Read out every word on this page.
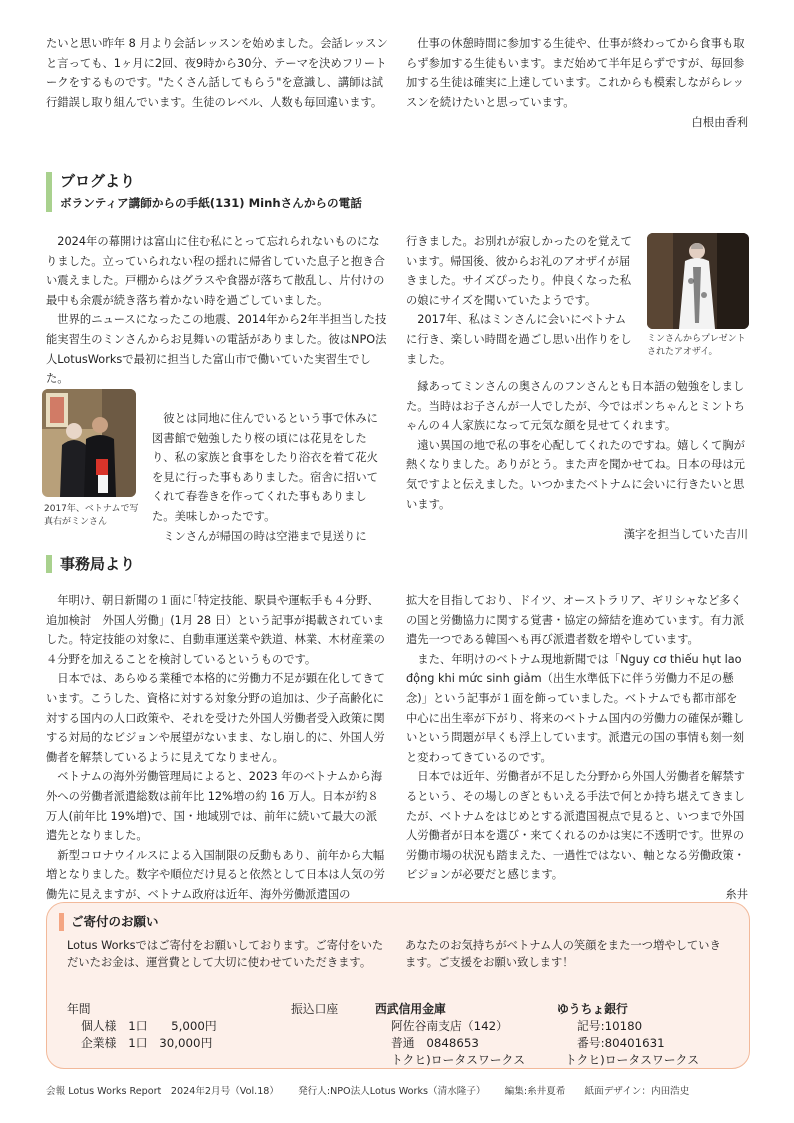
たいと思い昨年 8 月より会話レッスンを始めました。会話レッスンと言っても、1ヶ月に2回、夜9時から30分、テーマを決めフリートークをするものです。"たくさん話してもらう"を意識し、講師は試行錯誤し取り組んでいます。生徒のレベル、人数も毎回違います。

仕事の休憩時間に参加する生徒や、仕事が終わってから食事も取らず参加する生徒もいます。まだ始めて半年足らずですが、毎回参加する生徒は確実に上達しています。これからも模索しながらレッスンを続けたいと思っています。

白根由香利
ブログより
ボランティア講師からの手紙(131) Minhさんからの電話

2024年の幕開けは富山に住む私にとって忘れられないものになりました。立っていられない程の揺れに帰省していた息子と抱き合い震えました。戸棚からはグラスや食器が落ちて散乱し、片付けの最中も余震が続き落ち着かない時を過ごしていました。

世界的ニュースになったこの地震、2014年から2年半担当した技能実習生のミンさんからお見舞いの電話がありました。彼はNPO法人LotusWorksで最初に担当した富山市で働いていた実習生でした。

彼とは同地に住んでいるという事で休みに図書館で勉強したり桜の頃には花見をしたり、私の家族と食事をしたり浴衣を着て花火を見に行った事もありました。宿舎に招いてくれて春巻きを作ってくれた事もありました。美味しかったです。

ミンさんが帰国の時は空港まで見送りに

2017年、ベトナムで写真右がミンさん

行きました。お別れが寂しかったのを覚えています。帰国後、彼からお礼のアオザイが届きました。サイズぴったり。仲良くなった私の娘にサイズを聞いていたようです。

2017年、私はミンさんに会いにベトナムに行き、楽しい時間を過ごし思い出作りをしました。

縁あってミンさんの奥さんのフンさんとも日本語の勉強をしました。当時はお子さんが一人でしたが、今ではポンちゃんとミントちゃんの４人家族になって元気な顔を見せてくれます。

遠い異国の地で私の事を心配してくれたのですね。嬉しくて胸が熱くなりました。ありがとう。また声を聞かせてね。日本の母は元気ですよと伝えました。いつかまたベトナムに会いに行きたいと思います。

漢字を担当していた吉川
ミンさんからプレゼントされたアオザイ。
事務局より

年明け、朝日新聞の１面に｢特定技能、駅員や運転手も４分野、追加検討　外国人労働」(1月 28 日）という記事が掲載されていました。特定技能の対象に、自動車運送業や鉄道、林業、木材産業の４分野を加えることを検討しているというものです。

日本では、あらゆる業種で本格的に労働力不足が顕在化してきています。こうした、資格に対する対象分野の追加は、少子高齢化に対する国内の人口政策や、それを受けた外国人労働者受入政策に関する対局的なビジョンや展望がないまま、なし崩し的に、外国人労働者を解禁しているように見えてなりません。

ベトナムの海外労働管理局によると、2023 年のベトナムから海外への労働者派遣総数は前年比 12%増の約 16 万人。日本が約８万人(前年比 19%増)で、国・地域別では、前年に続いて最大の派遣先となりました。

新型コロナウイルスによる入国制限の反動もあり、前年から大幅増となりました。数字や順位だけ見ると依然として日本は人気の労働先に見えますが、ベトナム政府は近年、海外労働派遣国の

拡大を目指しており、ドイツ、オーストラリア、ギリシャなど多くの国と労働協力に関する覚書・協定の締結を進めています。有力派遣先一つである韓国へも再び派遣者数を増やしています。

また、年明けのベトナム現地新聞では「Nguy cơ thiếu hụt lao động khi mức sinh giảm（出生水準低下に伴う労働力不足の懸念)」という記事が１面を飾っていました。ベトナムでも都市部を中心に出生率が下がり、将来のベトナム国内の労働力の確保が難しいという問題が早くも浮上しています。派遣元の国の事情も刻一刻と変わってきているのです。

日本では近年、労働者が不足した分野から外国人労働者を解禁するという、その場しのぎともいえる手法で何とか持ち堪えてきましたが、ベトナムをはじめとする派遣国視点で見ると、いつまで外国人労働者が日本を選び・来てくれるのかは実に不透明です。世界の労働市場の状況も踏まえた、一過性ではない、軸となる労働政策・ビジョンが必要だと感じます。

糸井
ご寄付のお願い
Lotus Worksではご寄付をお願いしております。ご寄付をいただいたお金は、運営費として大切に使わせていただきます。
あなたのお気持ちがベトナム人の笑顔をまた一つ増やしていきます。ご支援をお願い致します！
年間
個人様　1口　　5,000円
企業様　1口　30,000円
振込口座	西武信用金庫
阿佐谷南支店（142）
普通　0848653
トクヒ)ロータスワークス
ゆうちょ銀行
記号:10180
番号:80401631
トクヒ)ロータスワークス
会報 Lotus Works Report　2024年2月号（Vol.18） 発行人:NPO法人Lotus Works（清水隆子） 編集:糸井夏希 紙面デザイン：内田浩史
